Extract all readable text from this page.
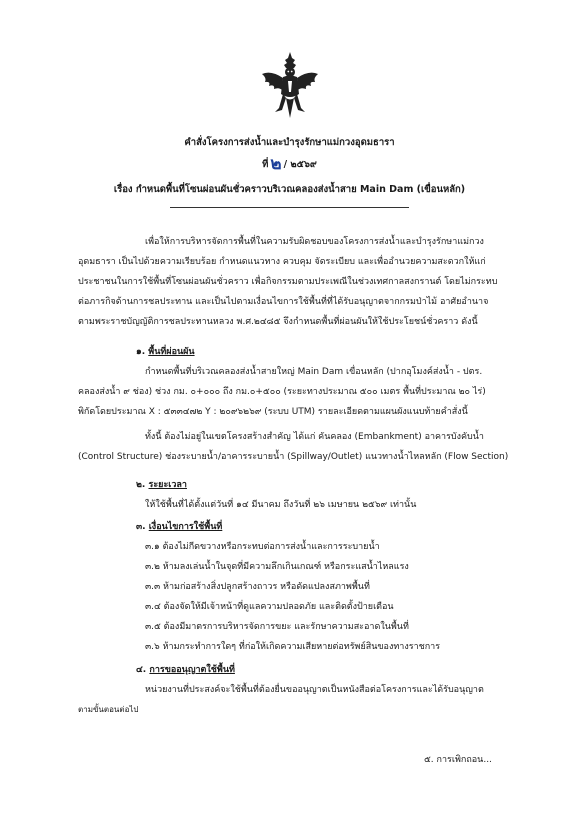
คำสั่งโครงการส่งน้ำและบำรุงรักษาแม่กวงอุดมธารา
ที่ ๒ / ๒๕๖๙
เรื่อง กำหนดพื้นที่โซนผ่อนผันชั่วคราวบริเวณคลองส่งน้ำสาย Main Dam (เขื่อนหลัก)
เพื่อให้การบริหารจัดการพื้นที่ในความรับผิดชอบของโครงการส่งน้ำและบำรุงรักษาแม่กวง
อุดมธารา เป็นไปด้วยความเรียบร้อย กำหนดแนวทาง ควบคุม จัดระเบียบ และเพื่ออำนวยความสะดวกให้แก่
ประชาชนในการใช้พื้นที่โซนผ่อนผันชั่วคราว เพื่อกิจกรรมตามประเพณีในช่วงเทศกาลสงกรานต์ โดยไม่กระทบ
ต่อภารกิจด้านการชลประทาน และเป็นไปตามเงื่อนไขการใช้พื้นที่ที่ได้รับอนุญาตจากกรมป่าไม้ อาศัยอำนาจ
ตามพระราชบัญญัติการชลประทานหลวง พ.ศ.๒๔๘๕ จึงกำหนดพื้นที่ผ่อนผันให้ใช้ประโยชน์ชั่วคราว ดังนี้
๑. พื้นที่ผ่อนผัน
กำหนดพื้นที่บริเวณคลองส่งน้ำสายใหญ่ Main Dam เขื่อนหลัก (ปากอุโมงค์ส่งน้ำ - ปตร.
คลองส่งน้ำ ๙ ช่อง) ช่วง กม. ๐+๐๐๐ ถึง กม.๐+๕๐๐ (ระยะทางประมาณ ๕๐๐ เมตร พื้นที่ประมาณ ๒๐ ไร่)
พิกัดโดยประมาณ X : ๕๓๓๔๗๒ Y : ๒๐๙๖๒๖๙ (ระบบ UTM) รายละเอียดตามแผนผังแนบท้ายคำสั่งนี้
ทั้งนี้ ต้องไม่อยู่ในเขตโครงสร้างสำคัญ ได้แก่ คันคลอง (Embankment) อาคารบังคับน้ำ
(Control Structure) ช่องระบายน้ำ/อาคารระบายน้ำ (Spillway/Outlet) แนวทางน้ำไหลหลัก (Flow Section)
๒. ระยะเวลา
ให้ใช้พื้นที่ได้ตั้งแต่วันที่ ๑๔ มีนาคม ถึงวันที่ ๒๖ เมษายน ๒๕๖๙ เท่านั้น
๓. เงื่อนไขการใช้พื้นที่
๓.๑ ต้องไม่กีดขวางหรือกระทบต่อการส่งน้ำและการระบายน้ำ
๓.๒ ห้ามลงเล่นน้ำในจุดที่มีความลึกเกินเกณฑ์ หรือกระแสน้ำไหลแรง
๓.๓ ห้ามก่อสร้างสิ่งปลูกสร้างถาวร หรือดัดแปลงสภาพพื้นที่
๓.๔ ต้องจัดให้มีเจ้าหน้าที่ดูแลความปลอดภัย และติดตั้งป้ายเตือน
๓.๕ ต้องมีมาตรการบริหารจัดการขยะ และรักษาความสะอาดในพื้นที่
๓.๖ ห้ามกระทำการใดๆ ที่ก่อให้เกิดความเสียหายต่อทรัพย์สินของทางราชการ
๔. การขออนุญาตใช้พื้นที่
หน่วยงานที่ประสงค์จะใช้พื้นที่ต้องยื่นขออนุญาตเป็นหนังสือต่อโครงการและได้รับอนุญาต
ตามขั้นตอนต่อไป
๕. การเพิกถอน...
